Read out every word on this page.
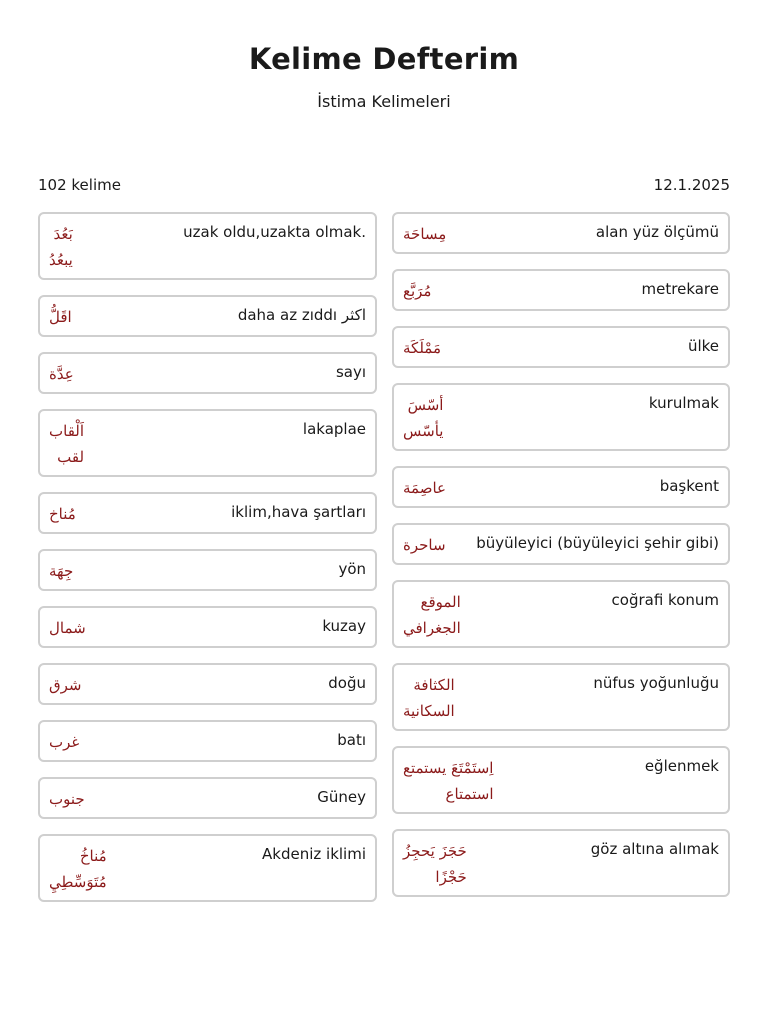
Kelime Defterim
İstima Kelimeleri
102 kelime	12.1.2025
بَعُدَ
يبعُدُ
uzak oldu,uzakta olmak.
اقَلُّ	daha az zıddı اكثر
عِدَّة	sayı
اَلْقاب
لقب
lakaplae
مُناخ	iklim,hava şartları
جِهَة	yön
شمال	kuzay
شرق	doğu
غرب	batı
جنوب	Güney
مُناخُ
مُتَوَسِّطِيِ
Akdeniz iklimi
مِساحَة	alan yüz ölçümü
مُرَبَّع	metrekare
مَمْلَكَة	ülke
أسّسَ
يأسّس
kurulmak
عاصِمَة	başkent
ساحرة büyüleyici (büyüleyici şehir gibi)
الموقع
الجغرافي
coğrafi konum
الكثافة
السكانية
nüfus yoğunluğu
اِستَمْتَعَ يستمتع
استمتاع
eğlenmek
حَجَزَ يَحجِزُ
حَجْزًا
göz altına alımak
